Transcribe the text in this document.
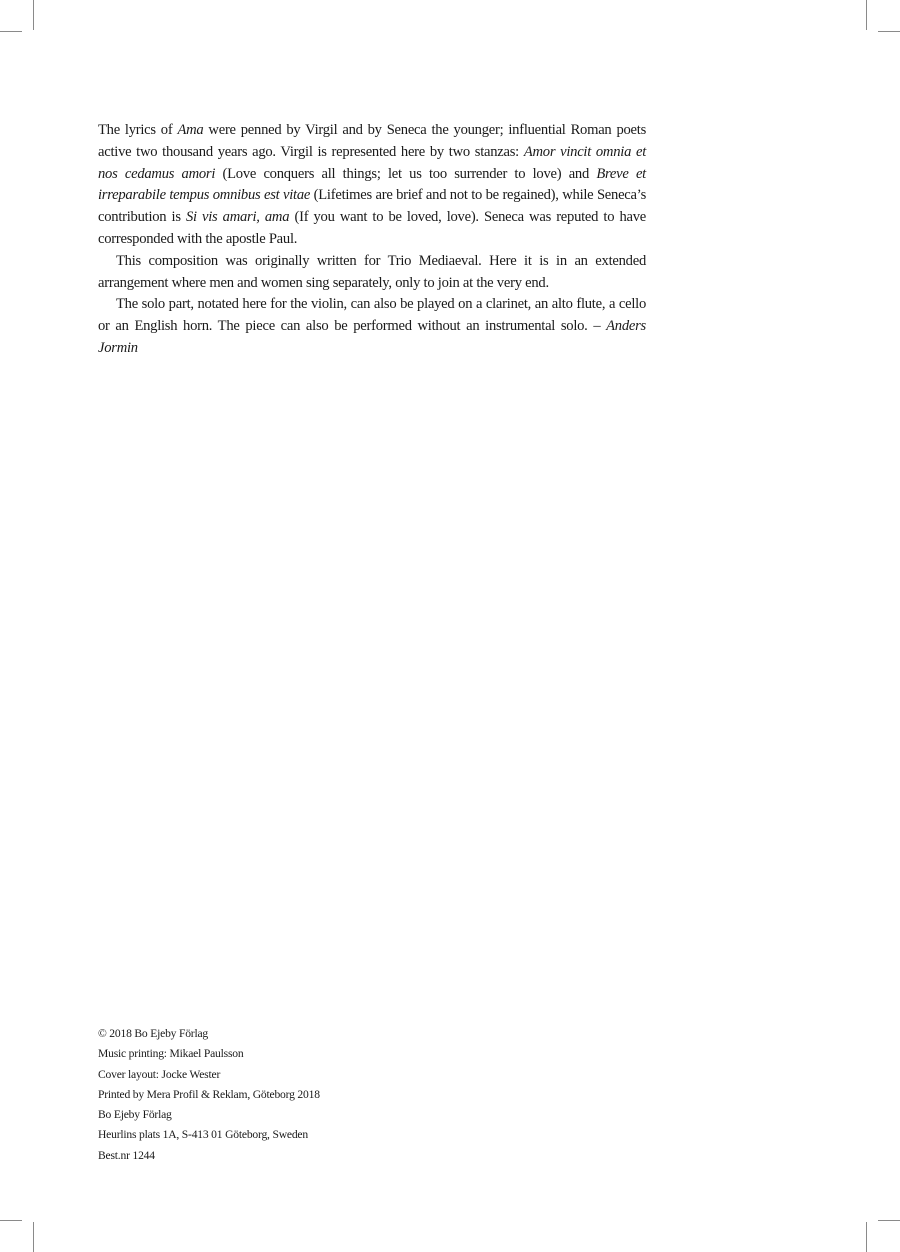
The lyrics of Ama were penned by Virgil and by Seneca the younger; influential Roman poets active two thousand years ago. Virgil is represented here by two stanzas: Amor vincit omnia et nos cedamus amori (Love conquers all things; let us too surrender to love) and Breve et irreparabile tempus omnibus est vitae (Lifetimes are brief and not to be regained), while Seneca’s contribution is Si vis amari, ama (If you want to be loved, love). Seneca was reputed to have corresponded with the apostle Paul.

This composition was originally written for Trio Mediaeval. Here it is in an extended arrangement where men and women sing separately, only to join at the very end.

The solo part, notated here for the violin, can also be played on a clarinet, an alto flute, a cello or an English horn. The piece can also be performed without an instrumental solo. – Anders Jormin

© 2018 Bo Ejeby Förlag
Music printing: Mikael Paulsson
Cover layout: Jocke Wester
Printed by Mera Profil & Reklam, Göteborg 2018
Bo Ejeby Förlag
Heurlins plats 1A, S-413 01 Göteborg, Sweden
Best.nr 1244
